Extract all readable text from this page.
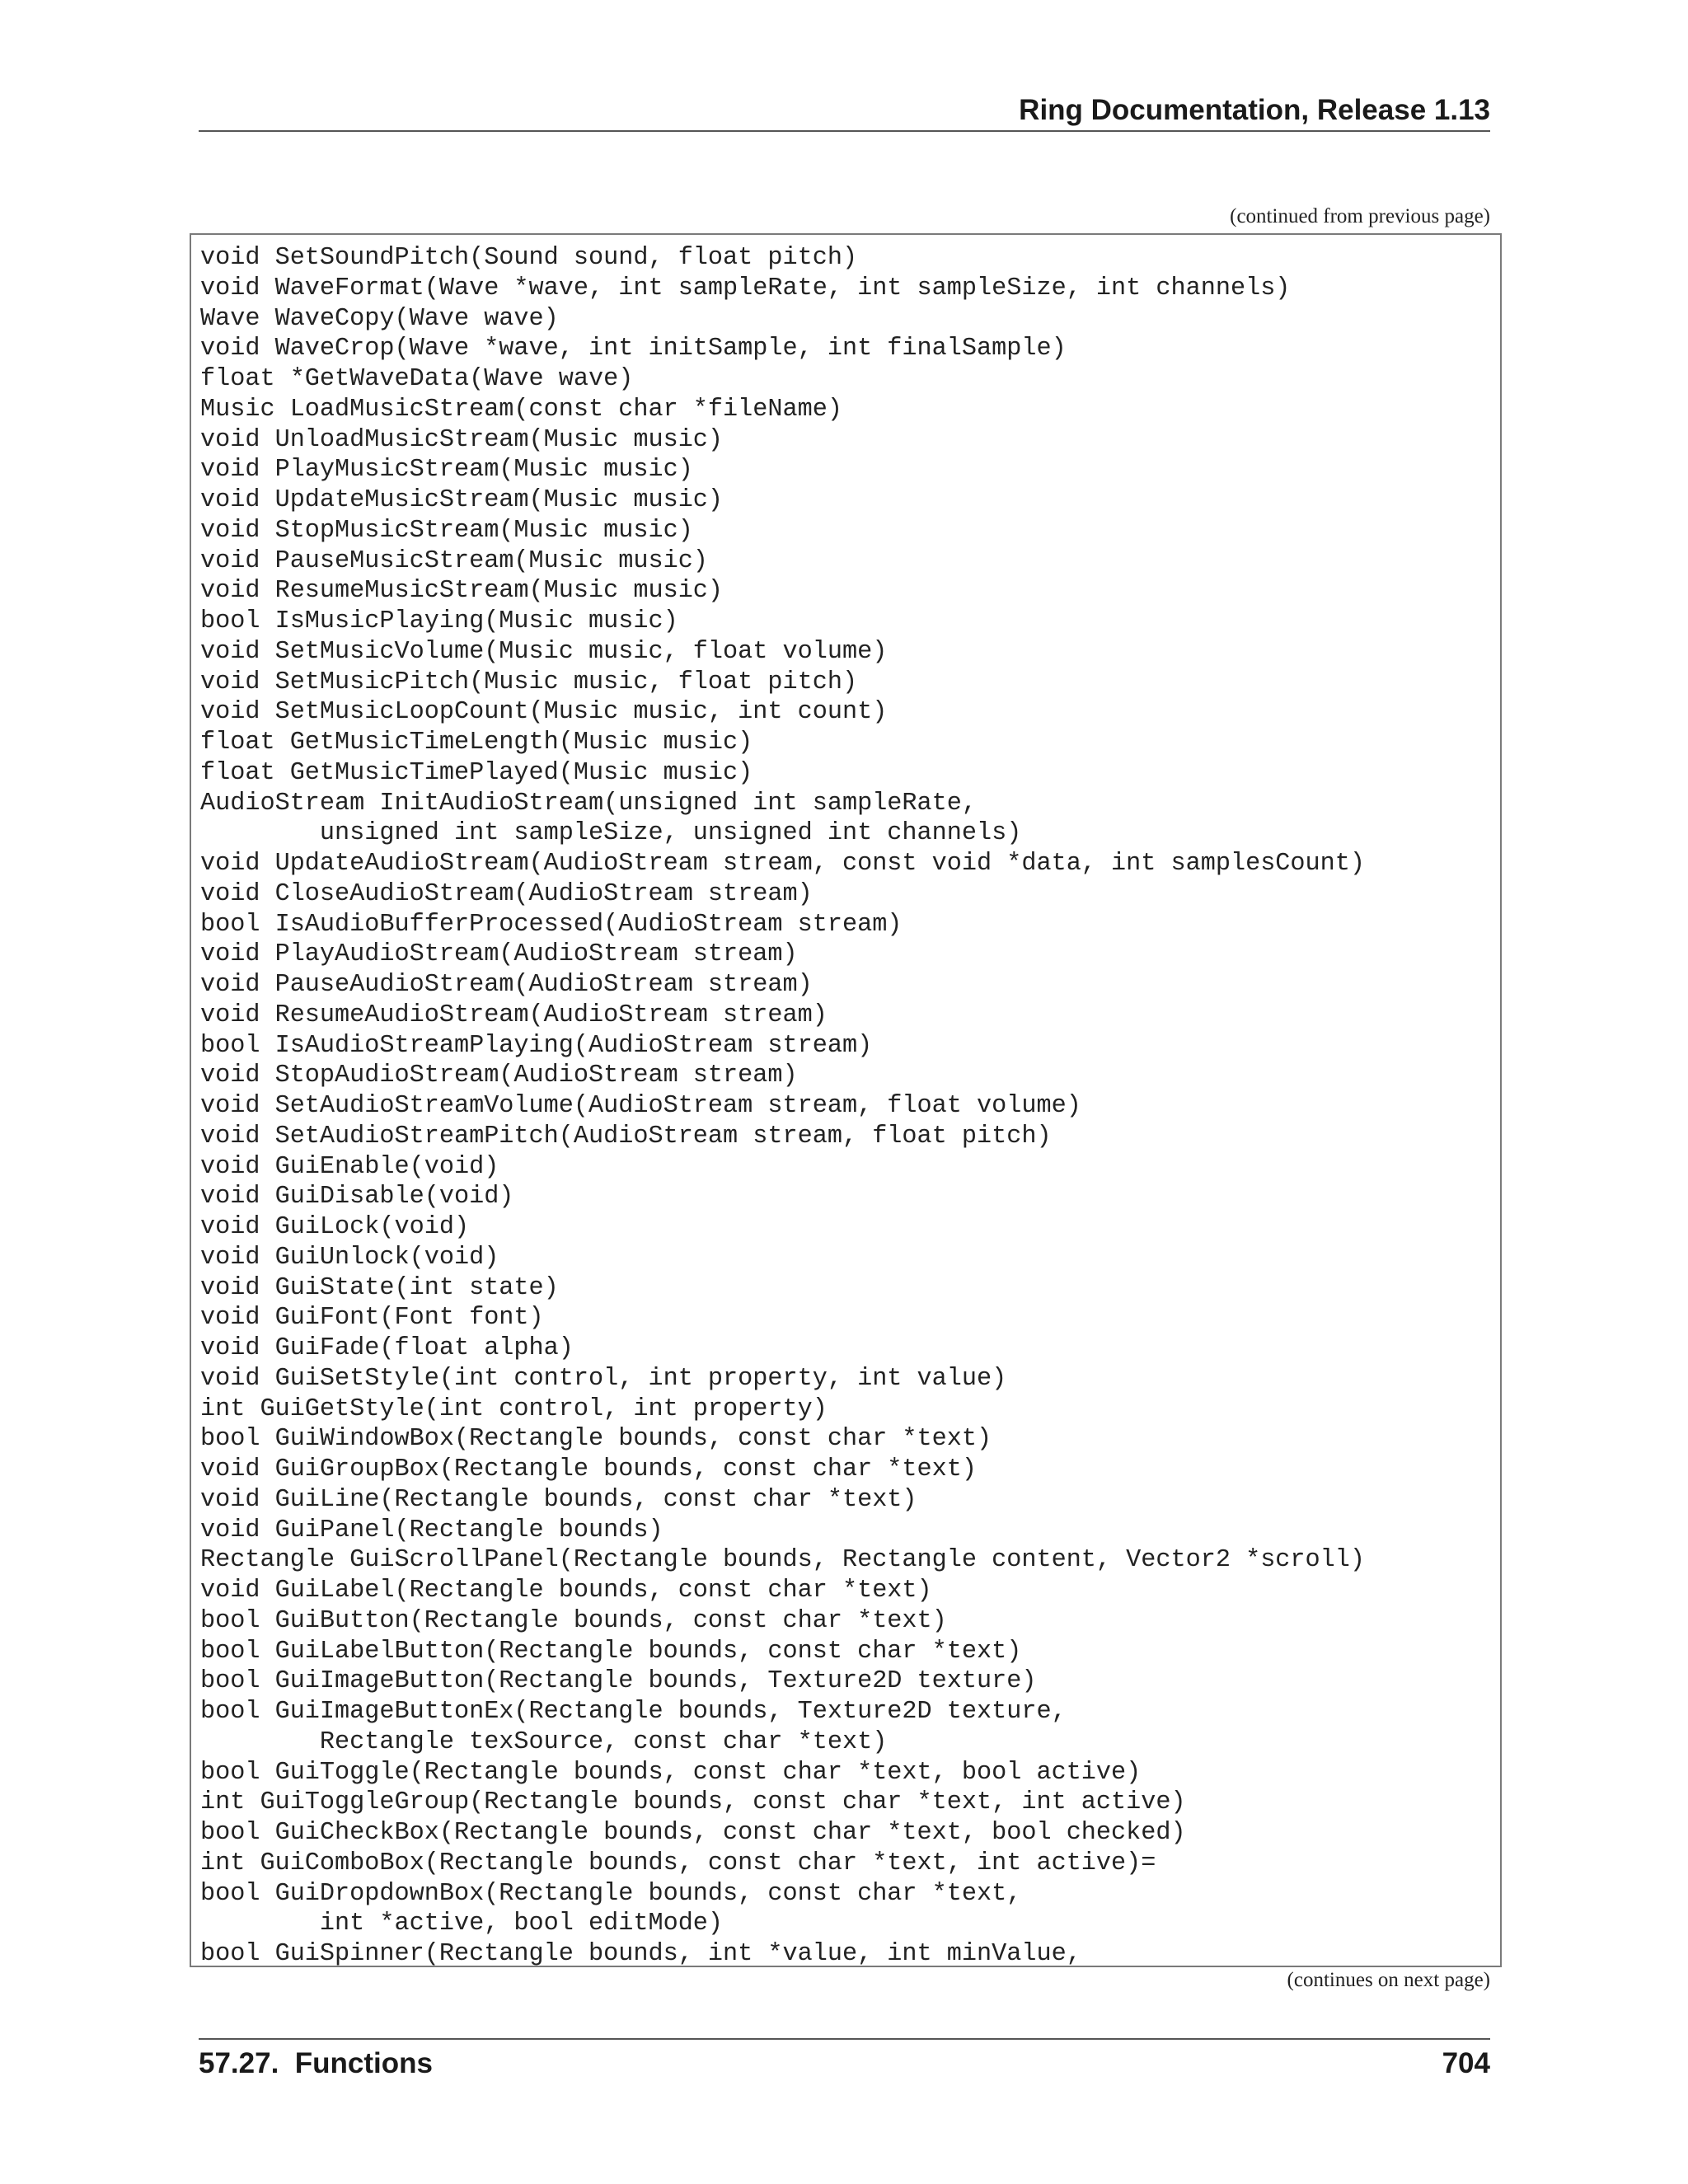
Ring Documentation, Release 1.13
(continued from previous page)
void SetSoundPitch(Sound sound, float pitch)
void WaveFormat(Wave *wave, int sampleRate, int sampleSize, int channels)
Wave WaveCopy(Wave wave)
void WaveCrop(Wave *wave, int initSample, int finalSample)
float *GetWaveData(Wave wave)
Music LoadMusicStream(const char *fileName)
void UnloadMusicStream(Music music)
void PlayMusicStream(Music music)
void UpdateMusicStream(Music music)
void StopMusicStream(Music music)
void PauseMusicStream(Music music)
void ResumeMusicStream(Music music)
bool IsMusicPlaying(Music music)
void SetMusicVolume(Music music, float volume)
void SetMusicPitch(Music music, float pitch)
void SetMusicLoopCount(Music music, int count)
float GetMusicTimeLength(Music music)
float GetMusicTimePlayed(Music music)
AudioStream InitAudioStream(unsigned int sampleRate,
unsigned int sampleSize, unsigned int channels)
void UpdateAudioStream(AudioStream stream, const void *data, int samplesCount)
void CloseAudioStream(AudioStream stream)
bool IsAudioBufferProcessed(AudioStream stream)
void PlayAudioStream(AudioStream stream)
void PauseAudioStream(AudioStream stream)
void ResumeAudioStream(AudioStream stream)
bool IsAudioStreamPlaying(AudioStream stream)
void StopAudioStream(AudioStream stream)
void SetAudioStreamVolume(AudioStream stream, float volume)
void SetAudioStreamPitch(AudioStream stream, float pitch)
void GuiEnable(void)
void GuiDisable(void)
void GuiLock(void)
void GuiUnlock(void)
void GuiState(int state)
void GuiFont(Font font)
void GuiFade(float alpha)
void GuiSetStyle(int control, int property, int value)
int GuiGetStyle(int control, int property)
bool GuiWindowBox(Rectangle bounds, const char *text)
void GuiGroupBox(Rectangle bounds, const char *text)
void GuiLine(Rectangle bounds, const char *text)
void GuiPanel(Rectangle bounds)
Rectangle GuiScrollPanel(Rectangle bounds, Rectangle content, Vector2 *scroll)
void GuiLabel(Rectangle bounds, const char *text)
bool GuiButton(Rectangle bounds, const char *text)
bool GuiLabelButton(Rectangle bounds, const char *text)
bool GuiImageButton(Rectangle bounds, Texture2D texture)
bool GuiImageButtonEx(Rectangle bounds, Texture2D texture,
Rectangle texSource, const char *text)
bool GuiToggle(Rectangle bounds, const char *text, bool active)
int GuiToggleGroup(Rectangle bounds, const char *text, int active)
bool GuiCheckBox(Rectangle bounds, const char *text, bool checked)
int GuiComboBox(Rectangle bounds, const char *text, int active)=
bool GuiDropdownBox(Rectangle bounds, const char *text,
int *active, bool editMode)
bool GuiSpinner(Rectangle bounds, int *value, int minValue,
(continues on next page)
57.27.  Functions	704
